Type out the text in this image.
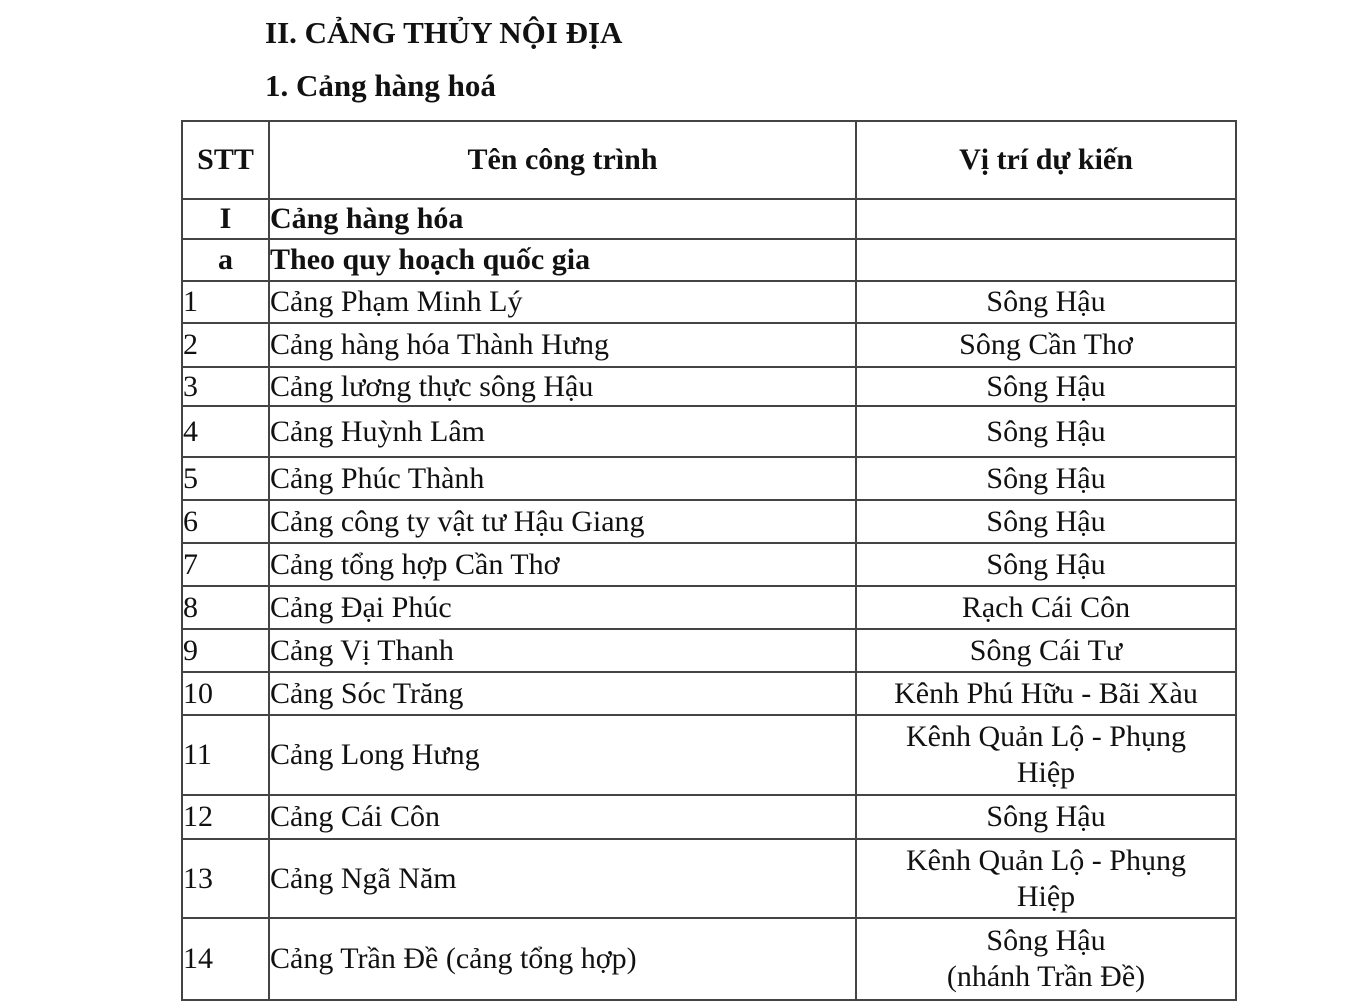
II. CẢNG THỦY NỘI ĐỊA
1. Cảng hàng hoá
STT	Tên công trình	Vị trí dự kiến
I	Cảng hàng hóa	
a	Theo quy hoạch quốc gia	
1	Cảng Phạm Minh Lý	Sông Hậu
2	Cảng hàng hóa Thành Hưng	Sông Cần Thơ
3	Cảng lương thực sông Hậu	Sông Hậu
4	Cảng Huỳnh Lâm	Sông Hậu
5	Cảng Phúc Thành	Sông Hậu
6	Cảng công ty vật tư Hậu Giang	Sông Hậu
7	Cảng tổng hợp Cần Thơ	Sông Hậu
8	Cảng Đại Phúc	Rạch Cái Côn
9	Cảng Vị Thanh	Sông Cái Tư
10	Cảng Sóc Trăng	Kênh Phú Hữu - Bãi Xàu
11	Cảng Long Hưng	Kênh Quản Lộ - Phụng
Hiệp
12	Cảng Cái Côn	Sông Hậu
13	Cảng Ngã Năm	Kênh Quản Lộ - Phụng
Hiệp
14	Cảng Trần Đề (cảng tổng hợp)	Sông Hậu
(nhánh Trần Đề)
